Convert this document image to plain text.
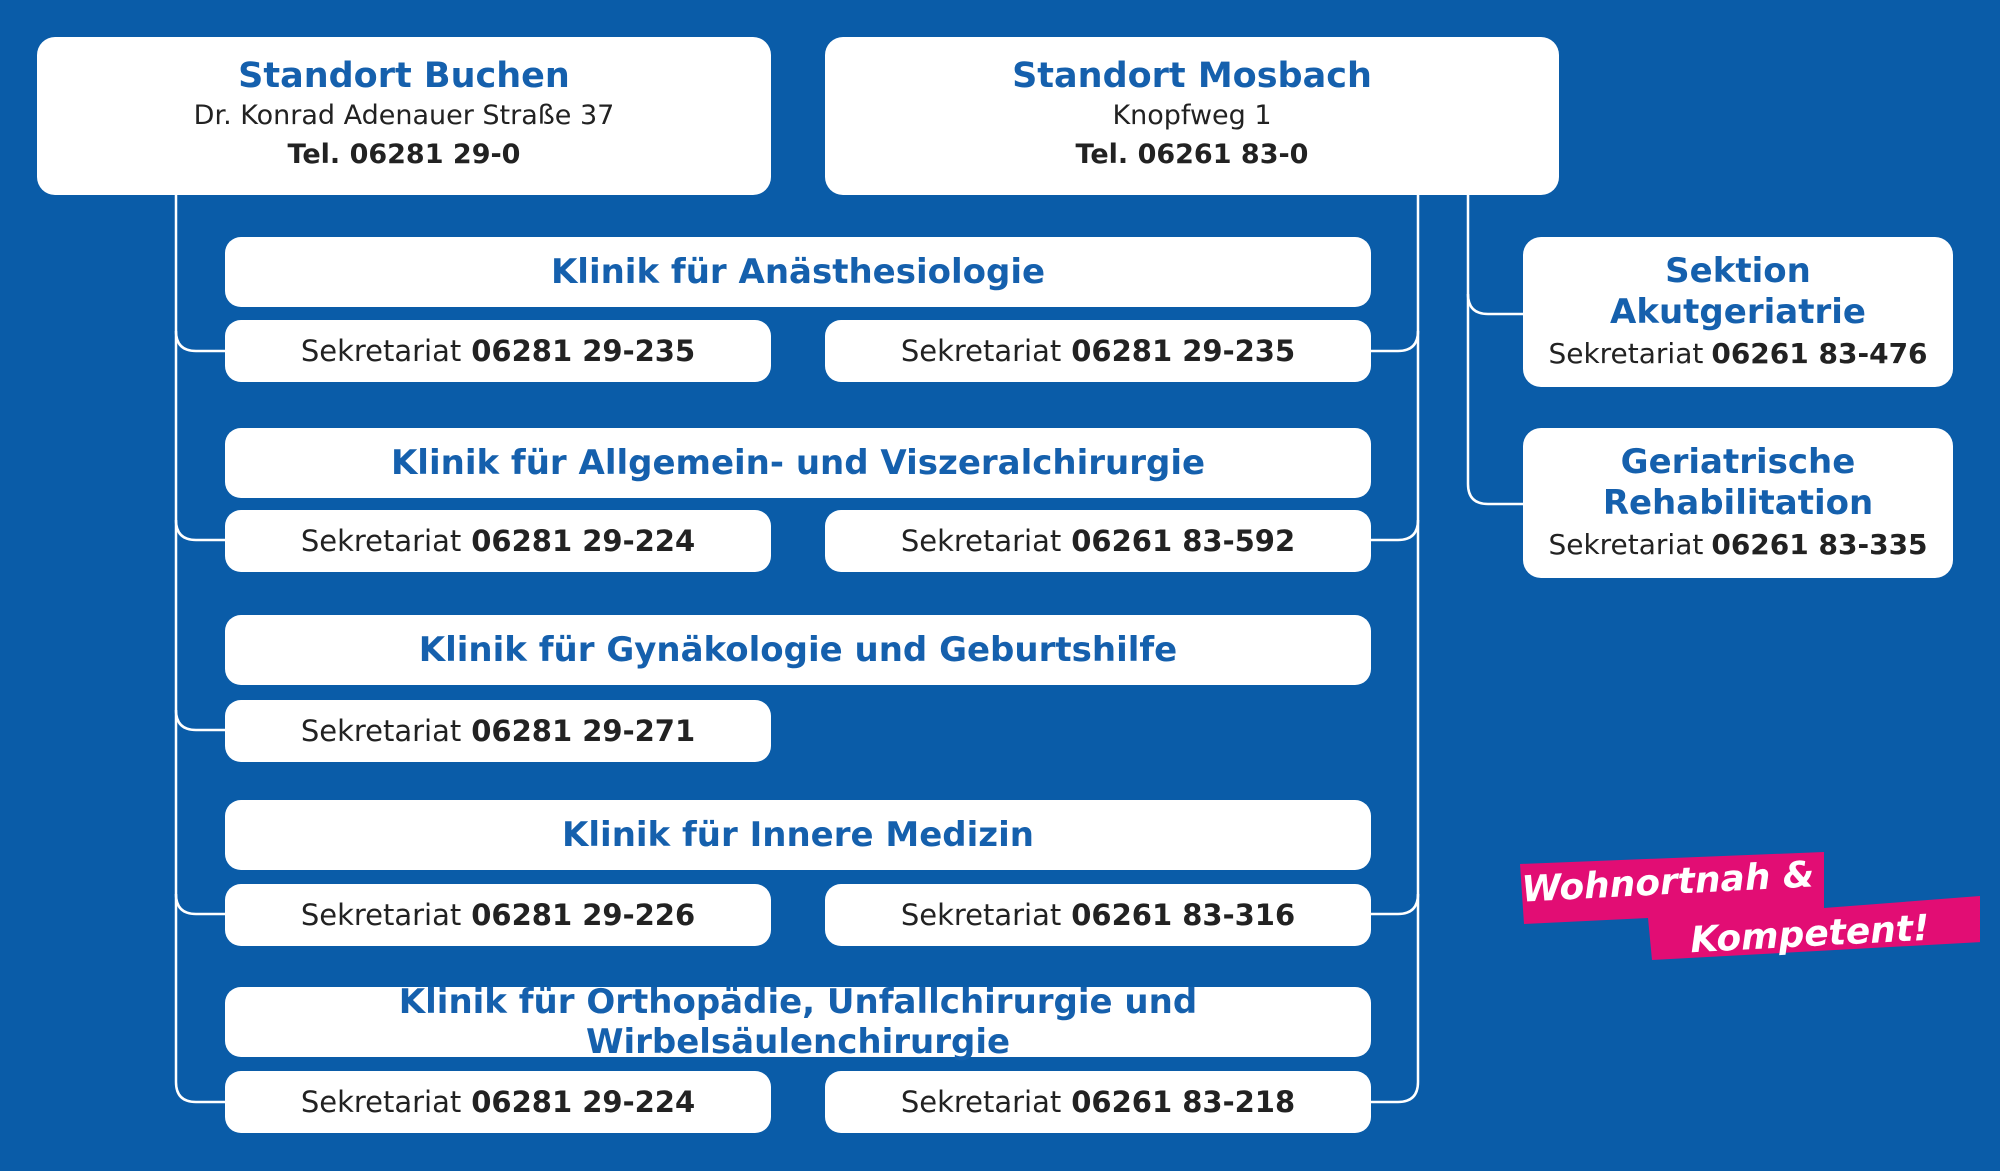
Standort Buchen
Dr. Konrad Adenauer Straße 37
Tel. 06281 29-0
Standort Mosbach
Knopfweg 1
Tel. 06261 83-0
Klinik für Anästhesiologie
Sekretariat 06281 29-235	Sekretariat 06281 29-235
Klinik für Allgemein- und Viszeralchirurgie
Sekretariat 06281 29-224	Sekretariat 06261 83-592
Klinik für Gynäkologie und Geburtshilfe
Sekretariat 06281 29-271
Klinik für Innere Medizin
Sekretariat 06281 29-226	Sekretariat 06261 83-316
Klinik für Orthopädie, Unfallchirurgie und Wirbelsäulenchirurgie
Sekretariat 06281 29-224	Sekretariat 06261 83-218
Sektion
Akutgeriatrie
Sekretariat 06261 83-476
Geriatrische
Rehabilitation
Sekretariat 06261 83-335
Wohnortnah &
Kompetent!
